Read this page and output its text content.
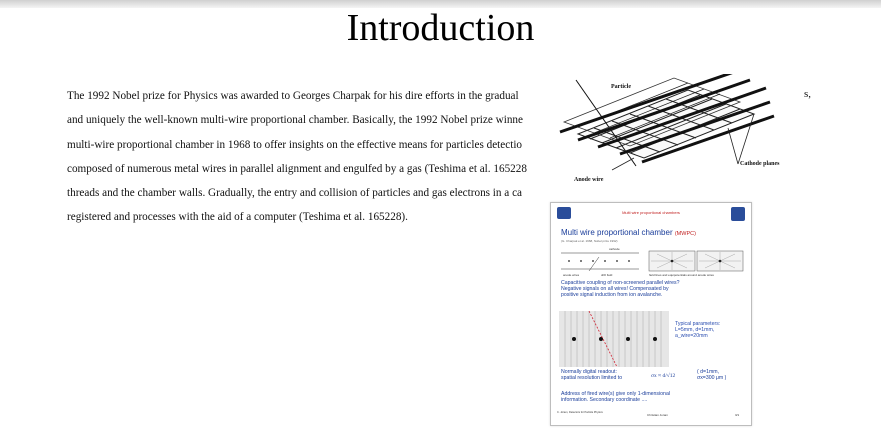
Introduction
The 1992 Nobel prize for Physics was awarded to Georges Charpak for his dire efforts in the gradual
and uniquely the well-known multi-wire proportional chamber. Basically, the 1992 Nobel prize winne
multi-wire proportional chamber in 1968 to offer insights on the effective means for particles detectio
composed of numerous metal wires in parallel alignment and engulfed by a gas (Teshima et al. 165228
threads and the chamber walls. Gradually, the entry and collision of particles and gas electrons in a ca
registered and processes with the aid of a computer (Teshima et al. 165228).
s,
Particle
Cathode planes
Anode wire
Multi wire proportional chambers
Multi wire proportional chamber (MWPC)
(G. Charpak et al. 1968, Nobel prize 1992)
cathode
anode wires	drift field	field lines and equipotentials around anode wires
Capacitive coupling of non-screened parallel wires?
Negative signals on all wires! Compensated by
positive signal induction from ion avalanche.
Typical parameters:
L=5mm, d=1mm,
a_wire=20mm
Normally digital readout:
spatial resolution limited to	σx ≈ d/√12
( d=1mm,
σx=300 μm )
Address of fired wire(s) give only 1-dimensional
information. Secondary coordinate ....
C. Joram, Detectors for Particle Physics
Christian Joram	II/1
